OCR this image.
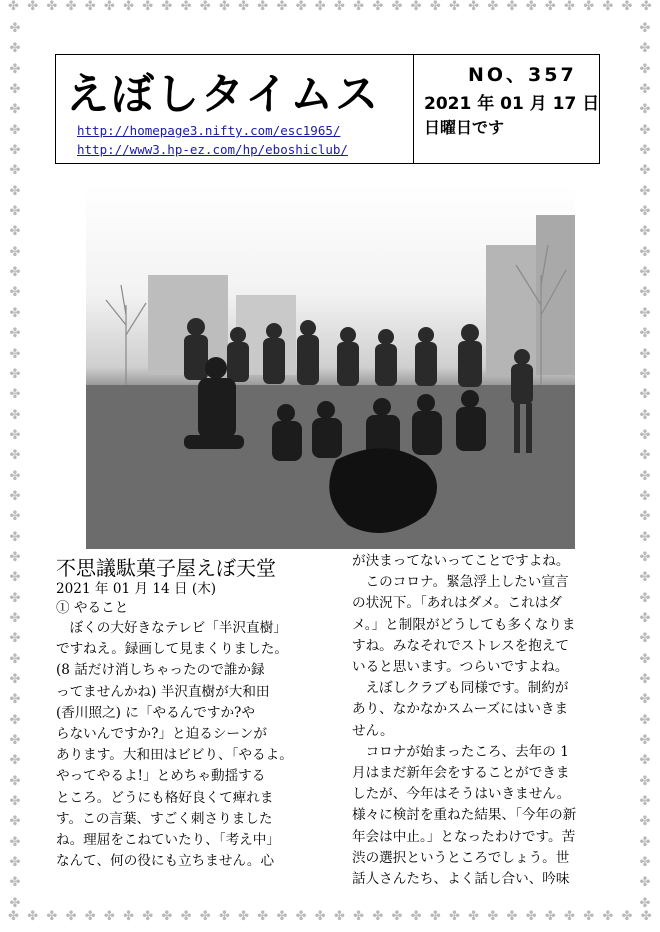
✤ ✤ ✤ ✤ ✤ ✤ ✤ ✤ ✤ ✤ ✤ ✤ ✤ ✤ ✤ ✤ ✤ ✤ ✤ ✤ ✤ ✤ ✤ ✤ ✤ ✤ ✤ ✤ ✤ ✤ ✤ ✤ ✤ ✤
✤ ✤ ✤ ✤ ✤ ✤ ✤ ✤ ✤ ✤ ✤ ✤ ✤ ✤ ✤ ✤ ✤ ✤ ✤ ✤ ✤ ✤ ✤ ✤ ✤ ✤ ✤ ✤ ✤ ✤ ✤ ✤ ✤ ✤
✤
✤
✤
✤
✤
✤
✤
✤
✤
✤
✤
✤
✤
✤
✤
✤
✤
✤
✤
✤
✤
✤
✤
✤
✤
✤
✤
✤
✤
✤
✤
✤
✤
✤
✤
✤
✤
✤
✤
✤
✤
✤
✤
✤
✤
✤
✤
✤
✤
✤
✤
✤
✤
✤
✤
✤
✤
✤
✤
✤
✤
✤
✤
✤
✤
✤
✤
✤
✤
✤
✤
✤
✤
✤
✤
✤
✤
✤
✤
✤
✤
✤
✤
✤
✤
✤
✤
✤
えぼしタイムス
http://homepage3.nifty.com/esc1965/
http://www3.hp-ez.com/hp/eboshiclub/
NO、357
2021 年 01 月 17 日
日曜日です
不思議駄菓子屋えぼ天堂

2021 年 01 月 14 日 (木)

① やること

ぼくの大好きなテレビ「半沢直樹」

ですねえ。録画して見まくりました。

(8 話だけ消しちゃったので誰か録

ってませんかね) 半沢直樹が大和田

(香川照之) に「やるんですか?や

らないんですか?」と迫るシーンが

あります。大和田はビビり、「やるよ。

やってやるよ!」とめちゃ動揺する

ところ。どうにも格好良くて痺れま

す。この言葉、すごく刺さりました

ね。理屈をこねていたり、「考え中」

なんて、何の役にも立ちません。心

が決まってないってことですよね。

このコロナ。緊急浮上したい宣言

の状況下。「あれはダメ。これはダ

メ。」と制限がどうしても多くなりま

すね。みなそれでストレスを抱えて

いると思います。つらいですよね。

えぼしクラブも同様です。制約が

あり、なかなかスムーズにはいきま

せん。

コロナが始まったころ、去年の 1

月はまだ新年会をすることができま

したが、今年はそうはいきません。

様々に検討を重ねた結果、「今年の新

年会は中止。」となったわけです。苦

渋の選択というところでしょう。世

話人さんたち、よく話し合い、吟味
